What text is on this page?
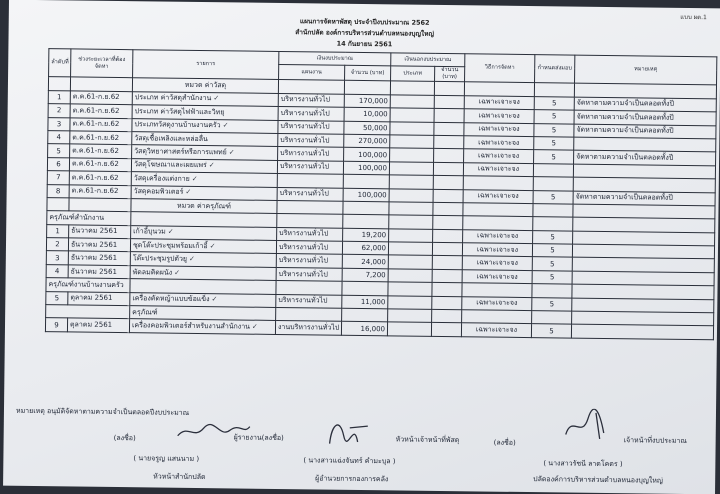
แบบ ผด.1
แผนการจัดหาพัสดุ ประจำปีงบประมาณ 2562
สำนักปลัด องค์การบริหารส่วนตำบลหนองบุญใหญ่
14 กันยายน 2561
ลำดับที่	ช่วงระยะเวลาที่ต้องจัดหา	รายการ	เงินงบประมาณ		เงินนอกงบประมาณ		วิธีการจัดหา	กำหนดส่งมอบ	หมายเหตุ
			แผนงาน	จำนวน (บาท)	ประเภท	จำนวน (บาท)			
		หมวด ค่าวัสดุ							
1	ต.ค.61-ก.ย.62	ประเภท ค่าวัสดุสำนักงาน ✓	บริหารงานทั่วไป	170,000			เฉพาะเจาะจง	5	จัดหาตามความจำเป็นตลอดทั้งปี
2	ต.ค.61-ก.ย.62	ประเภท ค่าวัสดุไฟฟ้าและวิทยุ	บริหารงานทั่วไป	10,000			เฉพาะเจาะจง	5	จัดหาตามความจำเป็นตลอดทั้งปี
3	ต.ค.61-ก.ย.62	ประเภทวัสดุงานบ้านงานครัว ✓	บริหารงานทั่วไป	50,000			เฉพาะเจาะจง	5	จัดหาตามความจำเป็นตลอดทั้งปี
4	ต.ค.61-ก.ย.62	วัสดุเชื้อเพลิงและหล่อลื่น	บริหารงานทั่วไป	270,000			เฉพาะเจาะจง	5	
5	ต.ค.61-ก.ย.62	วัสดุวิทยาศาสตร์หรือการแพทย์ ✓	บริหารงานทั่วไป	100,000			เฉพาะเจาะจง	5	จัดหาตามความจำเป็นตลอดทั้งปี
6	ต.ค.61-ก.ย.62	วัสดุโฆษณาและเผยแพร่ ✓	บริหารงานทั่วไป	100,000			เฉพาะเจาะจง		
7	ต.ค.61-ก.ย.62	วัสดุเครื่องแต่งกาย ✓							
8	ต.ค.61-ก.ย.62	วัสดุคอมพิวเตอร์ ✓	บริหารงานทั่วไป	100,000			เฉพาะเจาะจง	5	จัดหาตามความจำเป็นตลอดทั้งปี
		หมวด ค่าครุภัณฑ์							
ครุภัณฑ์สำนักงาน									
1	ธันวาคม 2561	เก้าอี้บุนวม ✓	บริหารงานทั่วไป	19,200			เฉพาะเจาะจง	5	
2	ธันวาคม 2561	ชุดโต๊ะประชุมพร้อมเก้าอี้ ✓	บริหารงานทั่วไป	62,000			เฉพาะเจาะจง	5	
3	ธันวาคม 2561	โต๊ะประชุมรูปตัวยู ✓	บริหารงานทั่วไป	24,000			เฉพาะเจาะจง	5	
4	ธันวาคม 2561	พัดลมติดผนัง ✓	บริหารงานทั่วไป	7,200			เฉพาะเจาะจง	5	
ครุภัณฑ์งานบ้านงานครัว									
5	ตุลาคม 2561	เครื่องตัดหญ้าแบบข้อแข็ง ✓	บริหารงานทั่วไป	11,000			เฉพาะเจาะจง	5	
		ครุภัณฑ์							
9	ตุลาคม 2561	เครื่องคอมพิวเตอร์สำหรับงานสำนักงาน ✓	งานบริหารงานทั่วไป	16,000			เฉพาะเจาะจง	5	
หมายเหตุ อนุมัติจัดหาตามความจำเป็นตลอดปีงบประมาณ
(ลงชื่อ)	ผู้รายงาน(ลงชื่อ)
( นายจรูญ แสนนาม )
หัวหน้าสำนักปลัด
หัวหน้าเจ้าหน้าที่พัสดุ	(ลงชื่อ)
( นางสาวแฉ่งจันทร์ คำมะบุล )
ผู้อำนวยการกองการคลัง
เจ้าหน้าที่งบประมาณ
( นางสาวรัชนี ลาดโคตร )
ปลัดองค์การบริหารส่วนตำบลหนองบุญใหญ่
